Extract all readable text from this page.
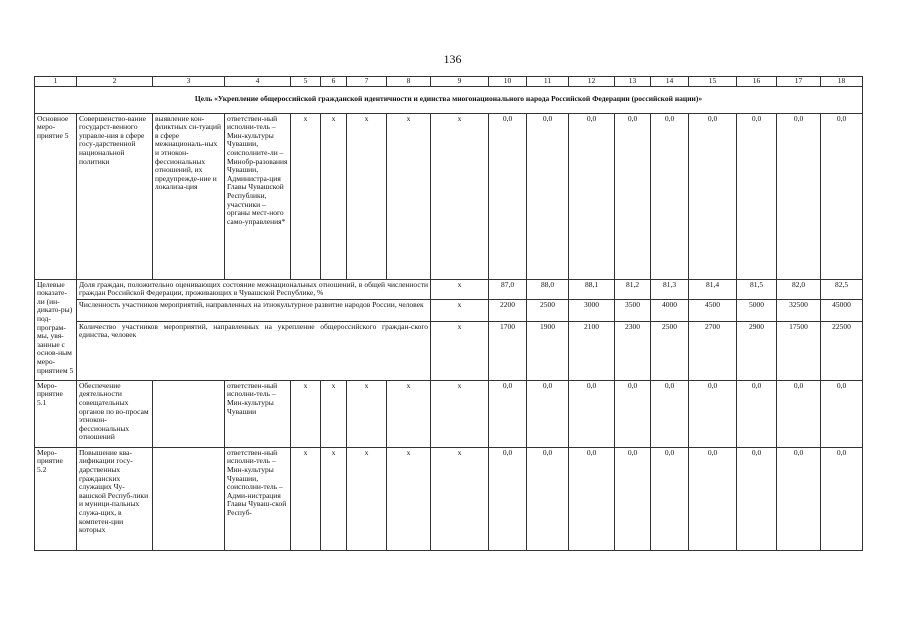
136
1	2	3	4	5	6	7	8	9	10	11	12	13	14	15	16	17	18
Цель «Укрепление общероссийской гражданской идентичности и единства многонационального народа Российской Федерации (российской нации)»																	
Основное меро-приятие 5	Совершенство-вание государст-венного управле-ния в сфере госу-дарственной национальной политики	выявление кон-фликтных си-туаций в сфере межнациональ-ных и этнокон-фессиональных отношений, их предупрежде-ние и локализа-ция	ответствен-ный исполни-тель – Мин-культуры Чувашии, соисполните-ли – Минобр-разования Чувашии, Администра-ция Главы Чувашской Республики, участники – органы мест-ного само-управления*	x	x	x	x	x	0,0	0,0	0,0	0,0	0,0	0,0	0,0	0,0	0,0
Целевые показате-ли (ин-дикато-ры) под-програм-мы, увя-занные с основ-ным меро-приятием 5	Доля граждан, положительно оценивающих состояние межнациональных отношений, в общей численности граждан Российской Федерации, проживающих в Чувашской Республике, %							x	87,0	88,0	88,1	81,2	81,3	81,4	81,5	82,0	82,5
	Численность участников мероприятий, направленных на этнокультурное развитие народов России, человек							x	2200	2500	3000	3500	4000	4500	5000	32500	45000
	Количество участников мероприятий, направленных на укрепление общероссийского граждан-ского единства, человек							x	1700	1900	2100	2300	2500	2700	2900	17500	22500
Меро-приятие 5.1	Обеспечение деятельности совещательных органов по во-просам этнокон-фессиональных отношений		ответствен-ный исполни-тель – Мин-культуры Чувашии	x	x	x	x	x	0,0	0,0	0,0	0,0	0,0	0,0	0,0	0,0	0,0
Меро-приятие 5.2	Повышение ква-лификации госу-дарственных гражданских служащих Чу-вашской Респуб-лики и муници-пальных служа-щих, в компетен-ции которых		ответствен-ный исполни-тель – Мин-культуры Чувашии, соисполни-тель – Адми-нистрация Главы Чуваш-ской Респуб-	x	x	x	x	x	0,0	0,0	0,0	0,0	0,0	0,0	0,0	0,0	0,0
